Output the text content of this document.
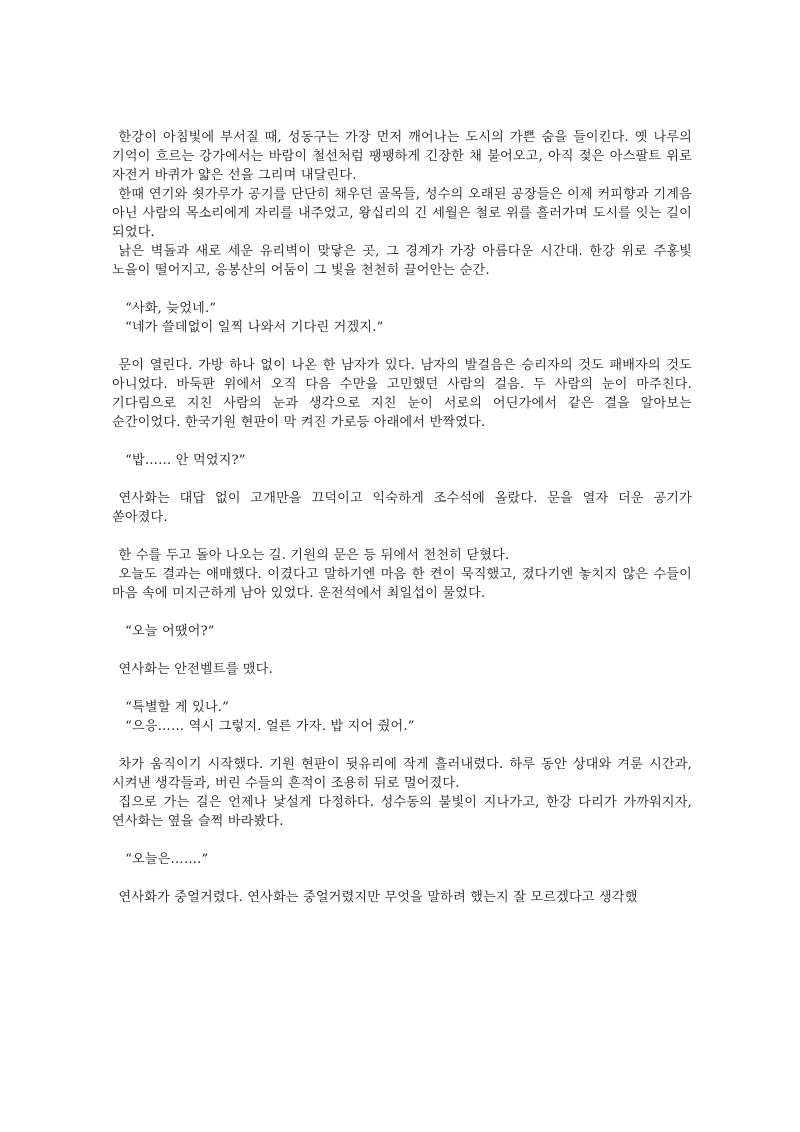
한강이 아침빛에 부서질 때, 성동구는 가장 먼저 깨어나는 도시의 가쁜 숨을 들이킨다. 옛 나루의 기억이 흐르는 강가에서는 바람이 철선처럼 팽팽하게 긴장한 채 불어오고, 아직 젖은 아스팔트 위로 자전거 바퀴가 얇은 선을 그리며 내달린다.

한때 연기와 쇳가루가 공기를 단단히 채우던 골목들, 성수의 오래된 공장들은 이제 커피향과 기계음 아닌 사람의 목소리에게 자리를 내주었고, 왕십리의 긴 세월은 철로 위를 흘러가며 도시를 잇는 길이 되었다.

낡은 벽돌과 새로 세운 유리벽이 맞닿은 곳, 그 경계가 가장 아름다운 시간대. 한강 위로 주홍빛 노을이 떨어지고, 응봉산의 어둠이 그 빛을 천천히 끌어안는 순간.

“사화, 늦었네.”

“네가 쓸데없이 일찍 나와서 기다린 거겠지.”

문이 열린다. 가방 하나 없이 나온 한 남자가 있다. 남자의 발걸음은 승리자의 것도 패배자의 것도 아니었다. 바둑판 위에서 오직 다음 수만을 고민했던 사람의 걸음. 두 사람의 눈이 마주친다. 기다림으로 지친 사람의 눈과 생각으로 지친 눈이 서로의 어딘가에서 같은 결을 알아보는 순간이었다. 한국기원 현판이 막 켜진 가로등 아래에서 반짝였다.

“밥…… 안 먹었지?”

연사화는 대답 없이 고개만을 끄덕이고 익숙하게 조수석에 올랐다. 문을 열자 더운 공기가 쏟아졌다.

한 수를 두고 돌아 나오는 길. 기원의 문은 등 뒤에서 천천히 닫혔다.

오늘도 결과는 애매했다. 이겼다고 말하기엔 마음 한 켠이 묵직했고, 졌다기엔 놓치지 않은 수들이 마음 속에 미지근하게 남아 있었다. 운전석에서 최일섭이 물었다.

“오늘 어땠어?”

연사화는 안전벨트를 맸다.

“특별할 게 있나.”

“으응…… 역시 그렇지. 얼른 가자. 밥 지어 줬어.”

차가 움직이기 시작했다. 기원 현판이 뒷유리에 작게 흘러내렸다. 하루 동안 상대와 겨룬 시간과, 시켜낸 생각들과, 버린 수들의 흔적이 조용히 뒤로 멀어졌다.

집으로 가는 길은 언제나 낯설게 다정하다. 성수동의 불빛이 지나가고, 한강 다리가 가까워지자, 연사화는 옆을 슬쩍 바라봤다.

“오늘은…….”

연사화가 중얼거렸다. 연사화는 중얼거렸지만 무엇을 말하려 했는지 잘 모르겠다고 생각했
